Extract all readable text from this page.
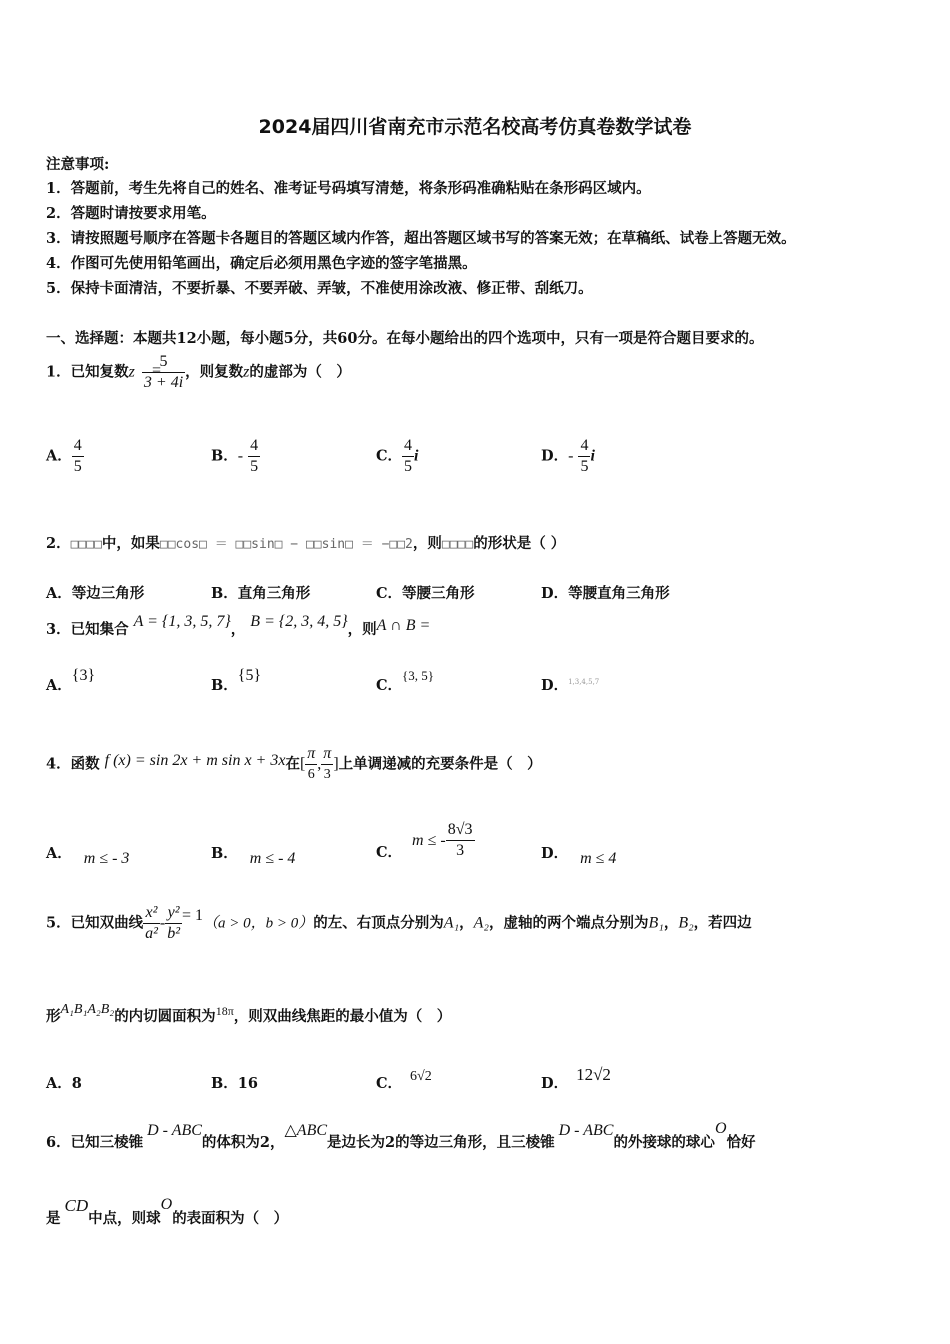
2024届四川省南充市示范名校高考仿真卷数学试卷
注意事项:
1．答题前，考生先将自己的姓名、准考证号码填写清楚，将条形码准确粘贴在条形码区域内。
2．答题时请按要求用笔。
3．请按照题号顺序在答题卡各题目的答题区域内作答，超出答题区域书写的答案无效；在草稿纸、试卷上答题无效。
4．作图可先使用铅笔画出，确定后必须用黑色字迹的签字笔描黑。
5．保持卡面清洁，不要折暴、不要弄破、弄皱，不准使用涂改液、修正带、刮纸刀。
一、选择题：本题共12小题，每小题5分，共60分。在每小题给出的四个选项中，只有一项是符合题目要求的。
1．已知复数z $\frac{5}{3 + 4i}$ ，则复数z的虚部为（　）
=
A． $\frac{4}{5}$	B．- $\frac{4}{5}$	C． $\frac{4}{5}$ i	D．- $\frac{4}{5}$ i
2．□□□□中，如果□□cos□ ＝ □□sin□ − □□sin□ ＝ −□□2，则□□□□的形状是（ ）
A．等边三角形	B．直角三角形	C．等腰三角形	D．等腰直角三角形
3．已知集合 A = {1, 3, 5, 7}， B = {2, 3, 4, 5}，则A ∩ B =
A．{3}
B．{5}
C．{3, 5}
D．$^{1,3,4,5,7}$
4．函数 f (x) = sin 2x + m sin x + 3x在[ $\frac{\pi}{6}$ , $\frac{\pi}{3}$ ]上单调递减的充要条件是（　）
A． m ≤ - 3	B． m ≤ - 4	C．m ≤ - $\frac{8√3}{3}$	D． m ≤ 4
5．已知双曲线 $\frac{\text{x²}}{\text{a²}} - \frac{\text{y²}}{\text{b²}} = 1(a > 0$，b > 0）的左、右顶点分别为A₁，A₂，虚轴的两个端点分别为B₁，B₂，若四边
形A₁B₁A₂B₂的内切圆面积为$^{18\pi}$，则双曲线焦距的最小值为（　）
A．8	B．16	C． 6√2	D． 12√2
6．已知三棱锥D - ABC的体积为2，△ABC是边长为2的等边三角形，且三棱锥D - ABC的外接球的球心O恰好
是CD中点，则球O的表面积为（　）
